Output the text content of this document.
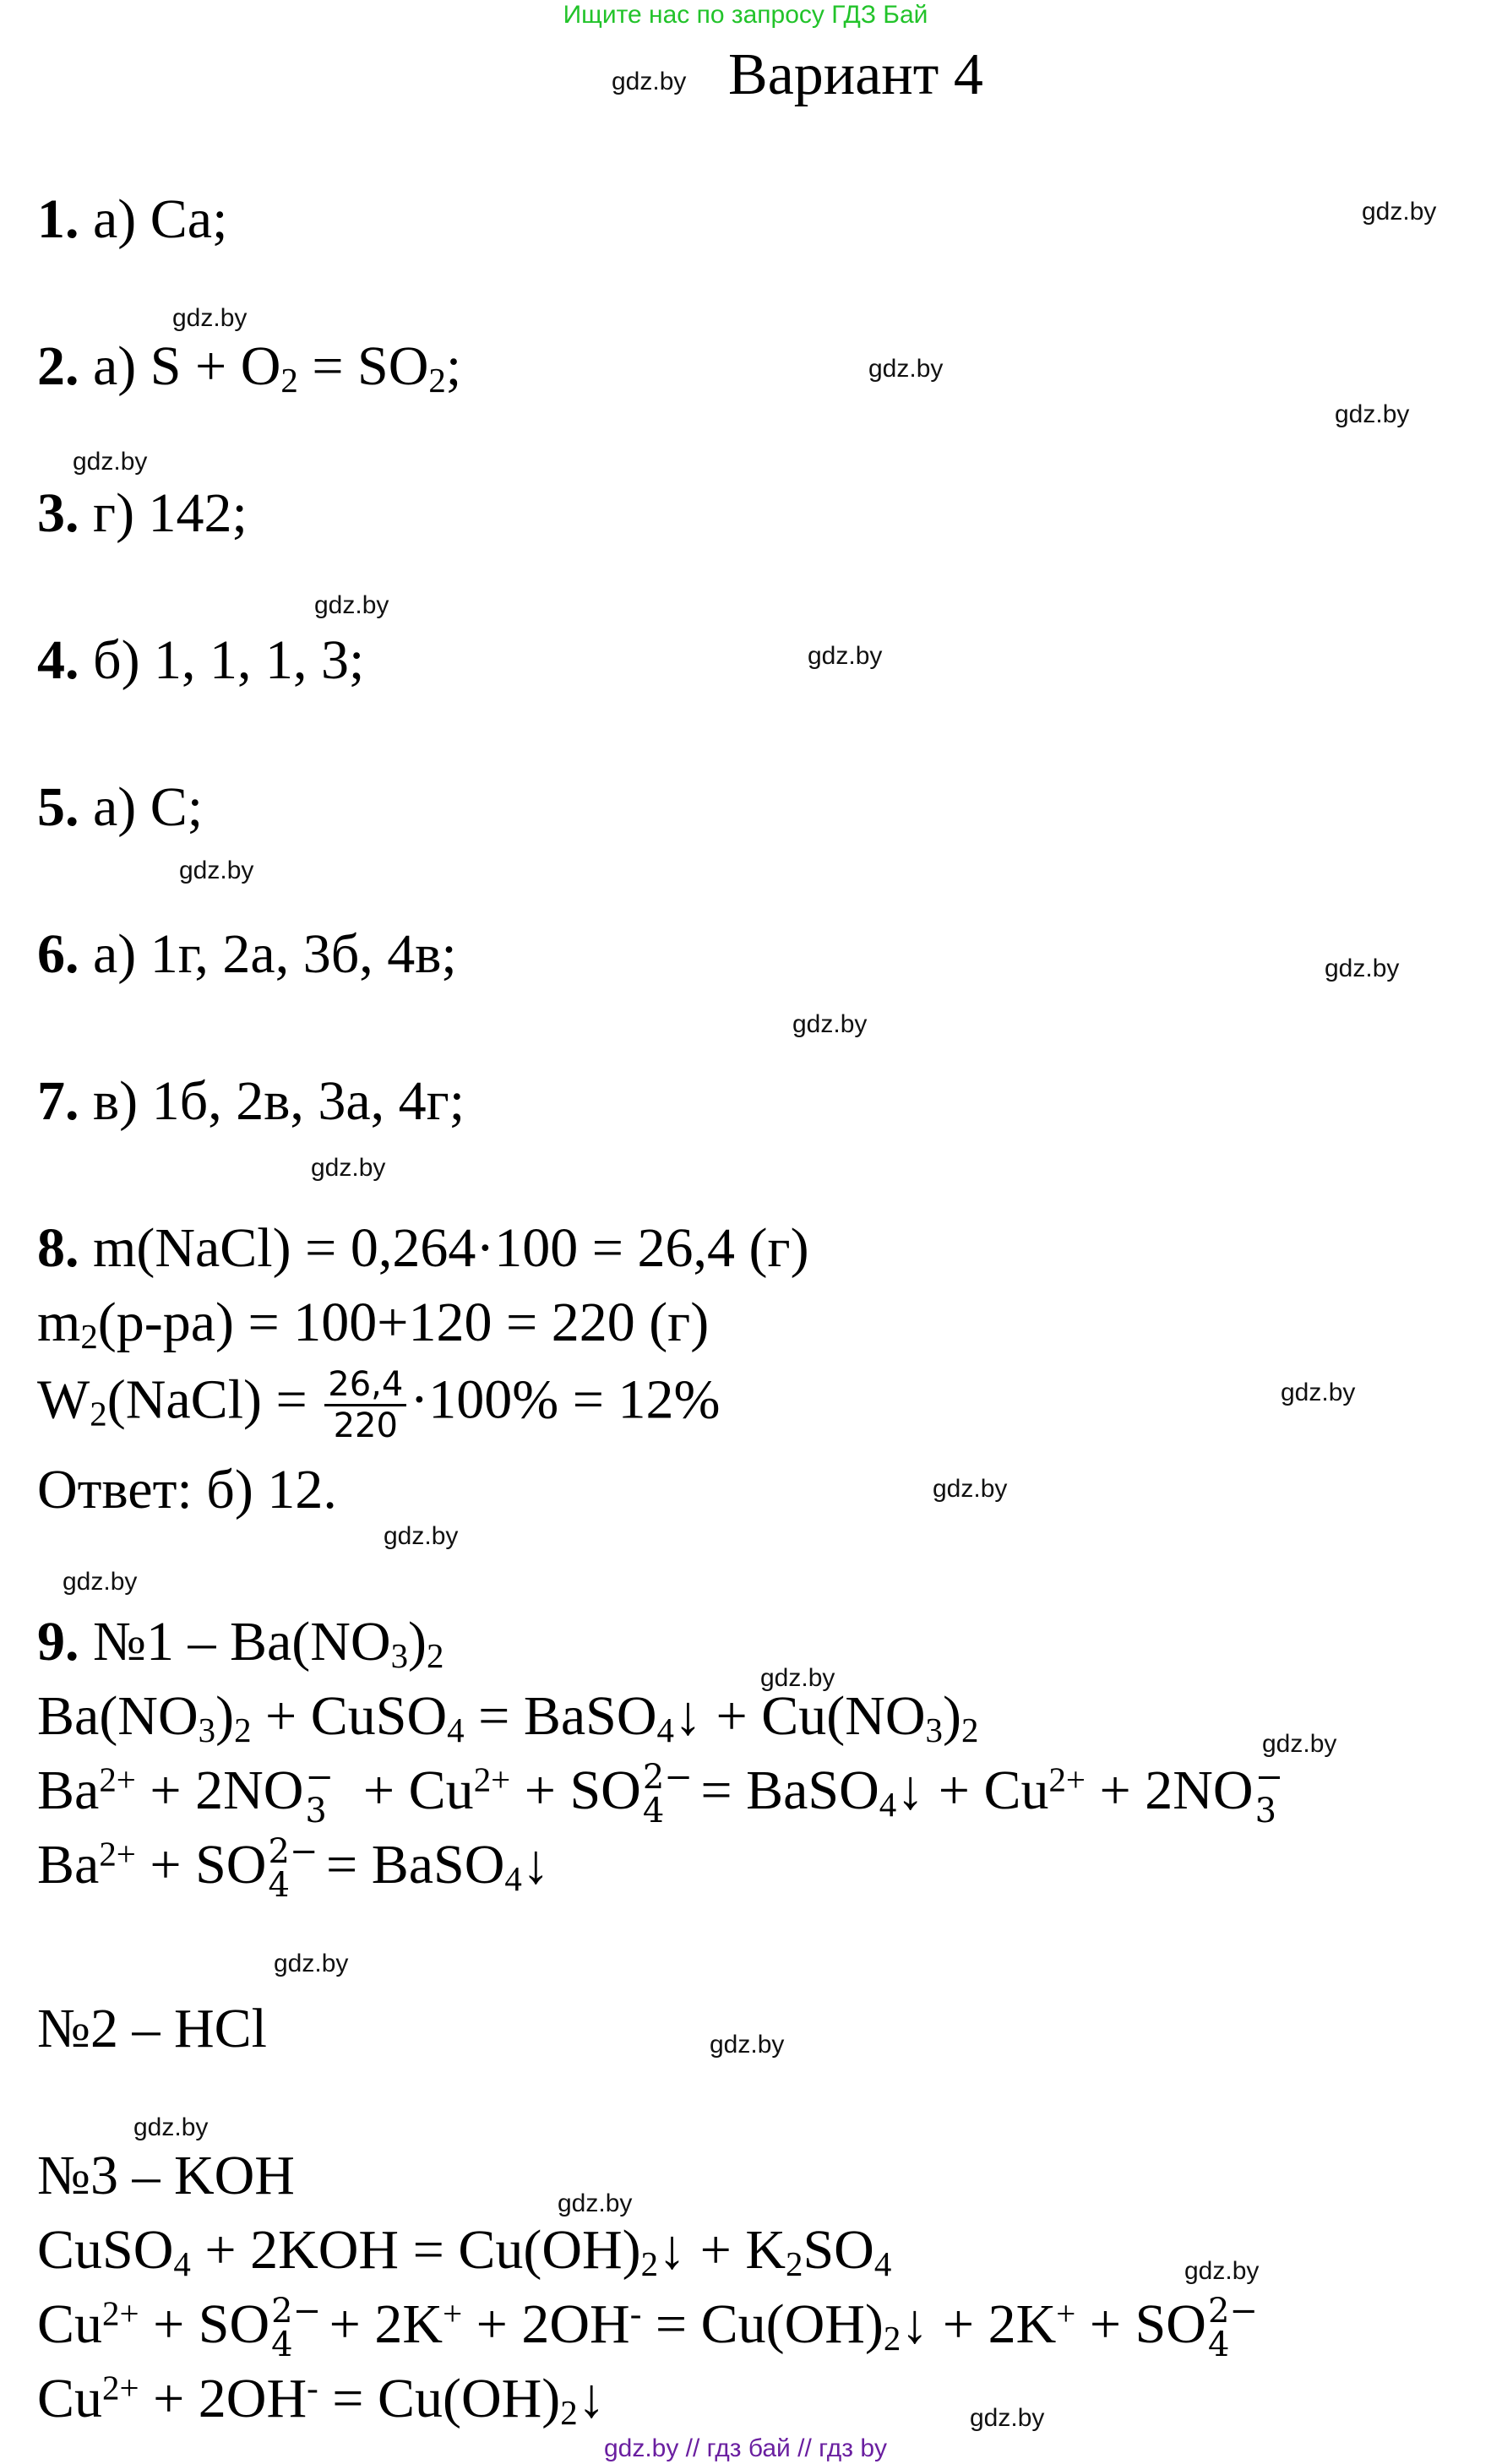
Ищите нас по запросу ГДЗ Бай
Вариант 4
1. а) Ca;
2. а) $S + O_2 = SO_2$;
3. г) 142;
4. б) 1, 1, 1, 3;
5. а) C;
6. а) 1г, 2а, 3б, 4в;
7. в) 1б, 2в, 3а, 4г;
8. m(NaCl) = 0,264·100 = 26,4 (г)
$m_2(р-ра) = 100+120 = 220$ (г)
$W_2(NaCl) = \frac{26,4}{220} \cdot 100\% = 12\%$
Ответ: б) 12.
9. №1 – $Ba(NO_3)_2$
$Ba(NO_3)_2$ + CuSO$_4$ = BaSO$_4$↓ + $Cu(NO_3)_2$
$Ba^{2+} + 2NO$ −
$3 + Cu^{2+}$ + SO 2−
4 = BaSO$_4$↓ + $Cu^{2+} + 2NO$ −
3
$Ba^{2+}$ + SO 2−
4 = BaSO$_4$↓
№2 – HCl
№3 – KOH
CuSO$_4$ + $2KOH = Cu(OH)_2↓ + K_2SO_4$
$Cu^{2+}$ + SO 2−
$4 + 2K^+ + 2OH^- = Cu(OH)_2↓ + 2K^+$ + SO 2−
4
$Cu^{2+} + 2OH^-$ = $Cu(OH)_2↓$
gdz.by
gdz.by
gdz.by
gdz.by
gdz.by
gdz.by
gdz.by
gdz.by
gdz.by
gdz.by
gdz.by
gdz.by
gdz.by
gdz.by
gdz.by
gdz.by
gdz.by
gdz.by
gdz.by
gdz.by
gdz.by
gdz.by
gdz.by
gdz.by
gdz.by // гдз бай // гдз by
